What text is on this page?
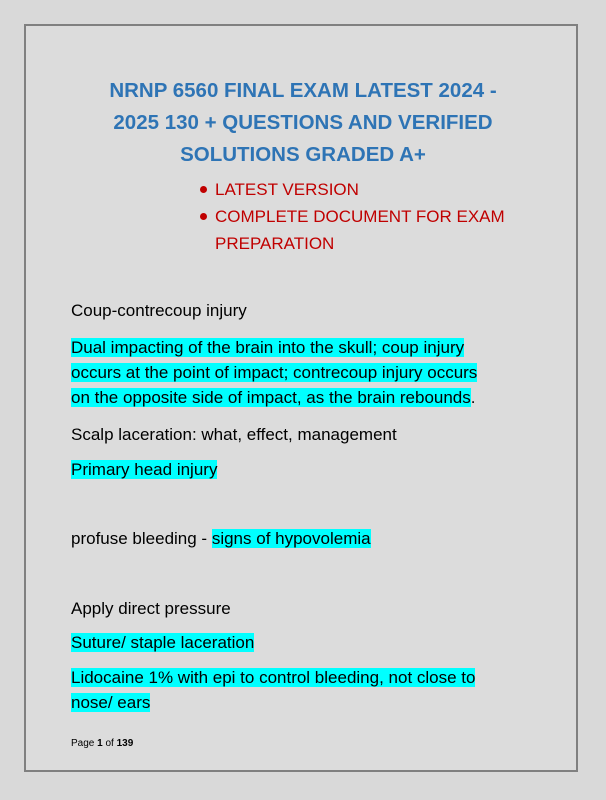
NRNP 6560 FINAL EXAM LATEST 2024 -
2025 130 + QUESTIONS AND VERIFIED
SOLUTIONS GRADED A+
LATEST VERSION
COMPLETE DOCUMENT FOR EXAM
PREPARATION

Coup-contrecoup injury

Dual impacting of the brain into the skull; coup injury
occurs at the point of impact; contrecoup injury occurs
on the opposite side of impact, as the brain rebounds.

Scalp laceration: what, effect, management

Primary head injury

profuse bleeding - signs of hypovolemia

Apply direct pressure

Suture/ staple laceration

Lidocaine 1% with epi to control bleeding, not close to
nose/ ears

Page 1 of 139
